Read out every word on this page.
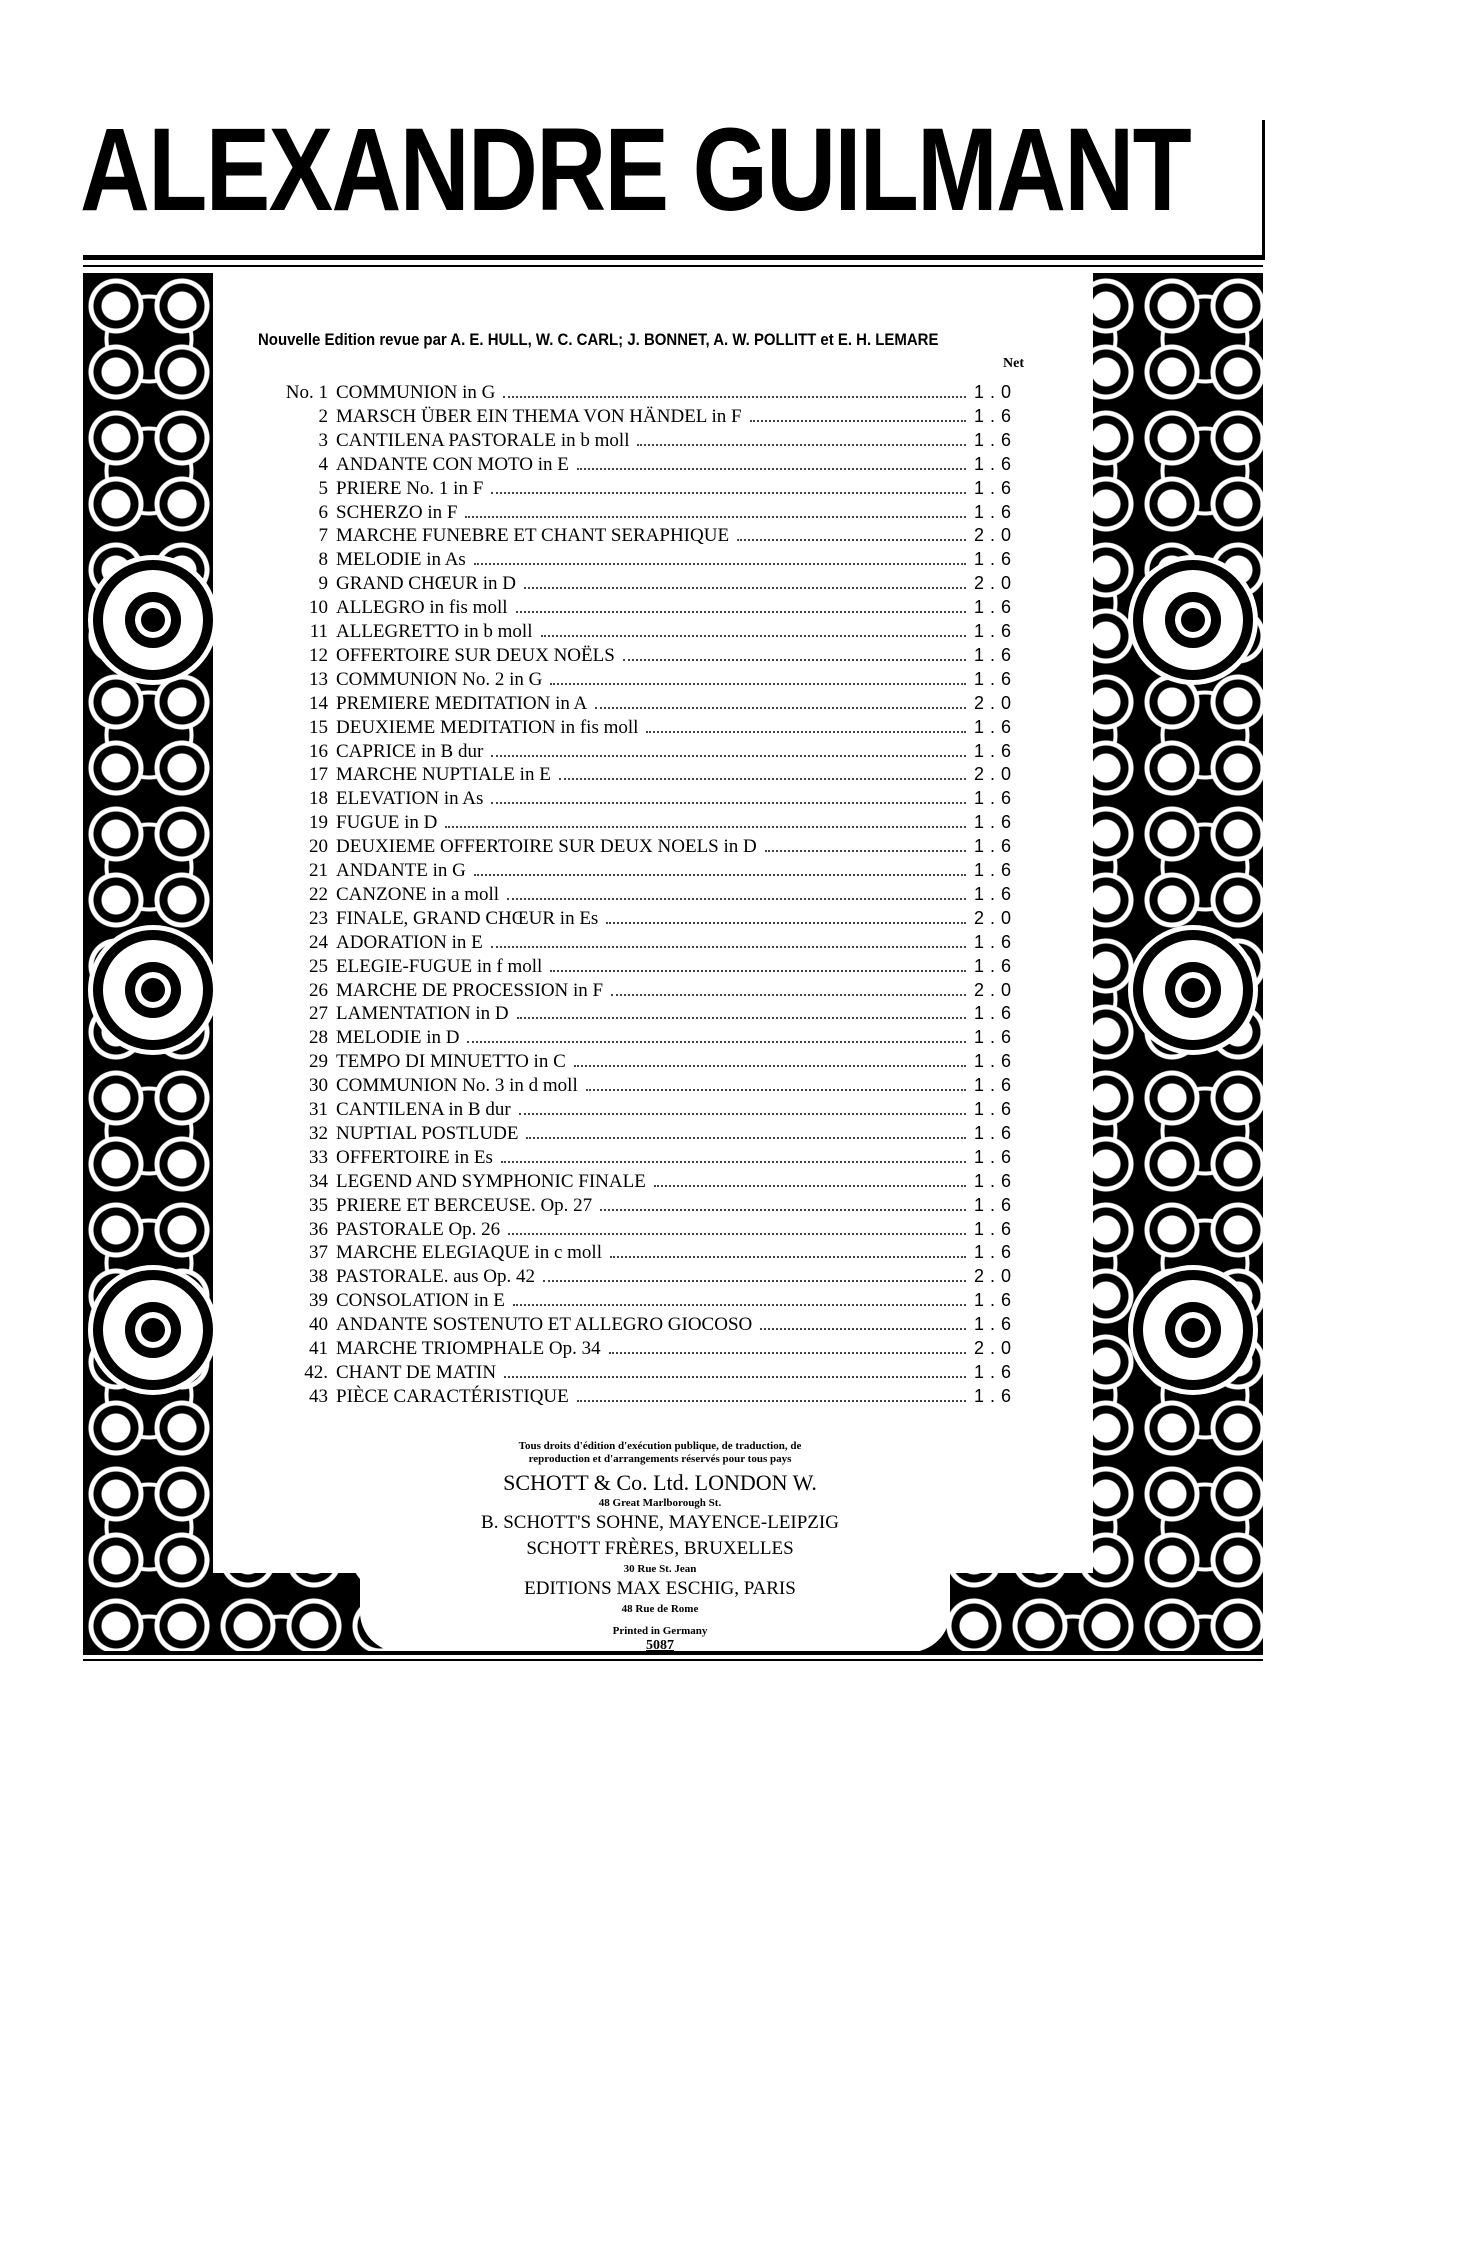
ALEXANDRE GUILMANT
Nouvelle Edition revue par A. E. HULL, W. C. CARL; J. BONNET, A. W. POLLITT et E. H. LEMARE
Net
No. 1 COMMUNION in G	1.0
2 MARSCH ÜBER EIN THEMA VON HÄNDEL in F	1.6
3 CANTILENA PASTORALE in b moll	1.6
4 ANDANTE CON MOTO in E	1.6
5 PRIERE No. 1 in F	1.6
6 SCHERZO in F	1.6
7 MARCHE FUNEBRE ET CHANT SERAPHIQUE	2.0
8 MELODIE in As	1.6
9 GRAND CHŒUR in D	2.0
10 ALLEGRO in fis moll	1.6
11 ALLEGRETTO in b moll	1.6
12 OFFERTOIRE SUR DEUX NOËLS	1.6
13 COMMUNION No. 2 in G	1.6
14 PREMIERE MEDITATION in A	2.0
15 DEUXIEME MEDITATION in fis moll	1.6
16 CAPRICE in B dur	1.6
17 MARCHE NUPTIALE in E	2.0
18 ELEVATION in As	1.6
19 FUGUE in D	1.6
20 DEUXIEME OFFERTOIRE SUR DEUX NOELS in D	1.6
21 ANDANTE in G	1.6
22 CANZONE in a moll	1.6
23 FINALE, GRAND CHŒUR in Es	2.0
24 ADORATION in E	1.6
25 ELEGIE-FUGUE in f moll	1.6
26 MARCHE DE PROCESSION in F	2.0
27 LAMENTATION in D	1.6
28 MELODIE in D	1.6
29 TEMPO DI MINUETTO in C	1.6
30 COMMUNION No. 3 in d moll	1.6
31 CANTILENA in B dur	1.6
32 NUPTIAL POSTLUDE	1.6
33 OFFERTOIRE in Es	1.6
34 LEGEND AND SYMPHONIC FINALE	1.6
35 PRIERE ET BERCEUSE. Op. 27	1.6
36 PASTORALE Op. 26	1.6
37 MARCHE ELEGIAQUE in c moll	1.6
38 PASTORALE. aus Op. 42	2.0
39 CONSOLATION in E	1.6
40 ANDANTE SOSTENUTO ET ALLEGRO GIOCOSO	1.6
41 MARCHE TRIOMPHALE Op. 34	2.0
42. CHANT DE MATIN	1.6
43 PIÈCE CARACTÉRISTIQUE	1.6
Tous droits d'édition d'exécution publique, de traduction, de
reproduction et d'arrangements réservés pour tous pays
SCHOTT & Co. Ltd. LONDON W.
48 Great Marlborough St.
B. SCHOTT'S SOHNE, MAYENCE-LEIPZIG
SCHOTT FRÈRES, BRUXELLES
30 Rue St. Jean
EDITIONS MAX ESCHIG, PARIS
48 Rue de Rome
Printed in Germany
5087
